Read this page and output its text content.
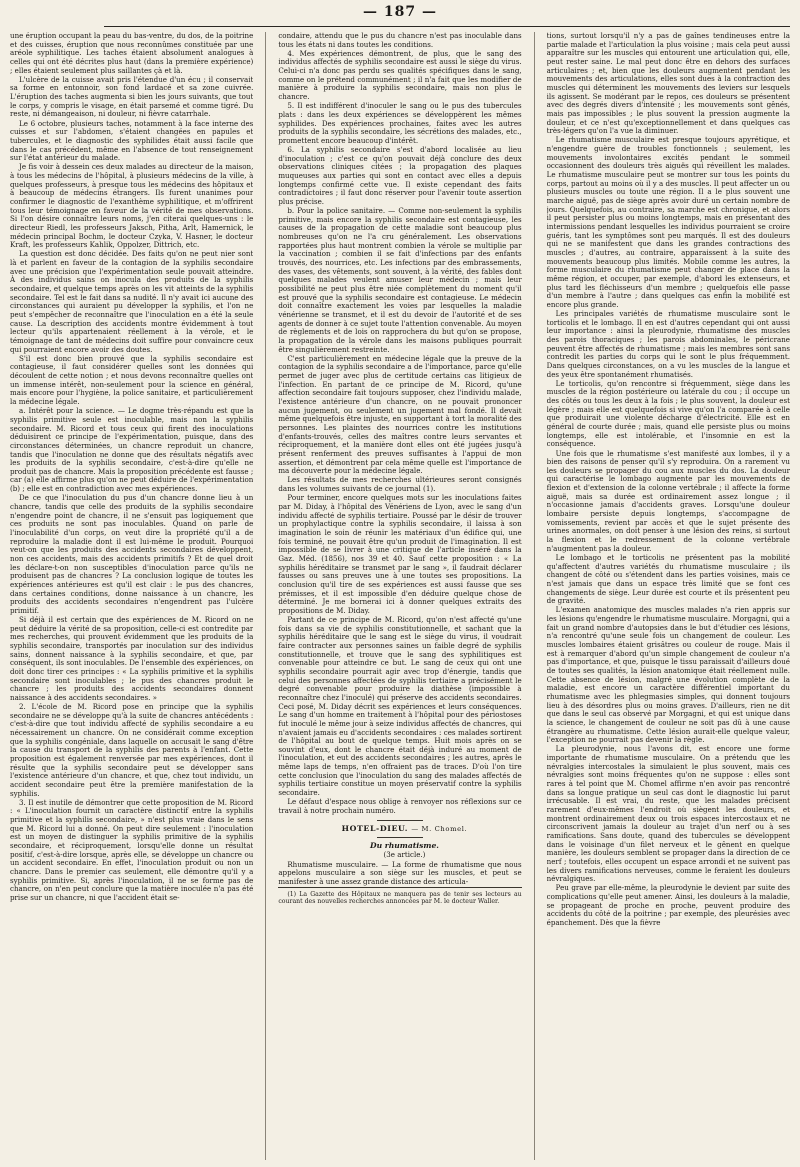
— 187 —

une éruption occupant la peau du bas-ventre, du dos, de la poitrine et des cuisses, éruption que nous reconnûmes constituée par une aréole syphilitique. Les taches étaient absolument analogues à celles qui ont été décrites plus haut (dans la première expérience) ; elles étaient seulement plus saillantes çà et là.

L'ulcère de la cuisse avait pris l'étendue d'un écu ; il conservait sa forme en entonnoir, son fond lardacé et sa zone cuivrée. L'éruption des taches augmenta si bien les jours suivants, que tout le corps, y compris le visage, en était parsemé et comme tigré. Du reste, ni démangeaison, ni douleur, ni fièvre catarrhale.

Le 6 octobre, plusieurs taches, notamment à la face interne des cuisses et sur l'abdomen, s'étaient changées en papules et tubercules, et le diagnostic des syphilides était aussi facile que dans le cas précédent, même en l'absence de tout renseignement sur l'état antérieur du malade.

Je fis voir à dessein ces deux malades au directeur de la maison, à tous les médecins de l'hôpital, à plusieurs médecins de la ville, à quelques professeurs, à presque tous les médecins des hôpitaux et à beaucoup de médecins étrangers. Ils furent unanimes pour confirmer le diagnostic de l'exanthème syphilitique, et m'offrirent tous leur témoignage en faveur de la vérité de mes observations. Si l'on désire connaître leurs noms, j'en citerai quelques-uns : le directeur Riedl, les professeurs Jaksch, Pitha, Arlt, Hamernick, le médecin principal Bochm, le docteur Czyka, V. Hasner, le docteur Kraft, les professeurs Kahlik, Oppolzer, Dittrich, etc.

La question est donc décidée. Des faits qu'on ne peut nier sont là et parlent en faveur de la contagion de la syphilis secondaire avec une précision que l'expérimentation seule pouvait atteindre. À des individus sains on inocula des produits de la syphilis secondaire, et quelque temps après on les vit atteints de la syphilis secondaire. Tel est le fait dans sa nudité. Il n'y avait ici aucune des circonstances qui auraient pu développer la syphilis, et l'on ne peut s'empêcher de reconnaître que l'inoculation en a été la seule cause. La description des accidents montre évidemment à tout lecteur qu'ils appartenaient réellement à la vérole, et le témoignage de tant de médecins doit suffire pour convaincre ceux qui pourraient encore avoir des doutes.

S'il est donc bien prouvé que la syphilis secondaire est contagieuse, il faut considérer quelles sont les données qui découlent de cette notion ; et nous devons reconnaître quelles ont un immense intérêt, non-seulement pour la science en général, mais encore pour l'hygiène, la police sanitaire, et particulièrement la médecine légale.

a. Intérêt pour la science. — Le dogme très-répandu est que la syphilis primitive seule est inoculable, mais non la syphilis secondaire. M. Ricord et tous ceux qui firent des inoculations déduisirent ce principe de l'expérimentation, puisque, dans des circonstances déterminées, un chancre reproduit un chancre, tandis que l'inoculation ne donne que des résultats négatifs avec les produits de la syphilis secondaire, c'est-à-dire qu'elle ne produit pas de chancre. Mais la proposition précédente est fausse ; car (a) elle affirme plus qu'on ne peut déduire de l'expérimentation (b) ; elle est en contradiction avec mes expériences.

De ce que l'inoculation du pus d'un chancre donne lieu à un chancre, tandis que celle des produits de la syphilis secondaire n'engendre point de chancre, il ne s'ensuit pas logiquement que ces produits ne sont pas inoculables. Quand on parle de l'inoculabilité d'un corps, on veut dire la propriété qu'il a de reproduire la maladie dont il est lui-même le produit. Pourquoi veut-on que les produits des accidents secondaires développent, non ces accidents, mais des accidents primitifs ? Et de quel droit les déclare-t-on non susceptibles d'inoculation parce qu'ils ne produisent pas de chancres ? La conclusion logique de toutes les expériences antérieures est qu'il est clair : le pus des chancres, dans certaines conditions, donne naissance à un chancre, les produits des accidents secondaires n'engendrent pas l'ulcère primitif.

Si déjà il est certain que des expériences de M. Ricord on ne peut déduire la vérité de sa proposition, celle-ci est contredite par mes recherches, qui prouvent évidemment que les produits de la syphilis secondaire, transportés par inoculation sur des individus sains, donnent naissance à la syphilis secondaire, et que, par conséquent, ils sont inoculables. De l'ensemble des expériences, on doit donc tirer ces principes : « La syphilis primitive et la syphilis secondaire sont inoculables ; le pus des chancres produit le chancre ; les produits des accidents secondaires donnent naissance à des accidents secondaires. »

2. L'école de M. Ricord pose en principe que la syphilis secondaire ne se développe qu'à la suite de chancres antécédents : c'est-à-dire que tout individu affecté de syphilis secondaire a eu nécessairement un chancre. On ne considérait comme exception que la syphilis congéniale, dans laquelle on accusait le sang d'être la cause du transport de la syphilis des parents à l'enfant. Cette proposition est également renversée par mes expériences, dont il résulte que la syphilis secondaire peut se développer sans l'existence antérieure d'un chancre, et que, chez tout individu, un accident secondaire peut être la première manifestation de la syphilis.

3. Il est inutile de démontrer que cette proposition de M. Ricord : « L'inoculation fournit un caractère distinctif entre la syphilis primitive et la syphilis secondaire, » n'est plus vraie dans le sens que M. Ricord lui a donné. On peut dire seulement : l'inoculation est un moyen de distinguer la syphilis primitive de la syphilis secondaire, et réciproquement, lorsqu'elle donne un résultat positif, c'est-à-dire lorsque, après elle, se développe un chancre ou un accident secondaire. En effet, l'inoculation produit ou non un chancre. Dans le premier cas seulement, elle démontre qu'il y a syphilis primitive. Si, après l'inoculation, il ne se forme pas de chancre, on n'en peut conclure que la matière inoculée n'a pas été prise sur un chancre, ni que l'accident était se-

condaire, attendu que le pus du chancre n'est pas inoculable dans tous les états ni dans toutes les conditions.

4. Mes expériences démontrent, de plus, que le sang des individus affectés de syphilis secondaire est aussi le siège du virus. Celui-ci n'a donc pas perdu ses qualités spécifiques dans le sang, comme on le prétend communément ; il n'a fait que les modifier de manière à produire la syphilis secondaire, mais non plus le chancre.

5. Il est indifférent d'inoculer le sang ou le pus des tubercules plats : dans les deux expériences se développèrent les mêmes syphilides. Des expériences prochaines, faites avec les autres produits de la syphilis secondaire, les sécrétions des malades, etc., promettent encore beaucoup d'intérêt.

6. La syphilis secondaire s'est d'abord localisée au lieu d'inoculation ; c'est ce qu'on pouvait déjà conclure des deux observations cliniques citées ; la propagation des plaques muqueuses aux parties qui sont en contact avec elles a depuis longtemps confirmé cette vue. Il existe cependant des faits contradictoires ; il faut donc réserver pour l'avenir toute assertion plus précise.

b. Pour la police sanitaire. — Comme non-seulement la syphilis primitive, mais encore la syphilis secondaire est contagieuse, les causes de la propagation de cette maladie sont beaucoup plus nombreuses qu'on ne l'a cru généralement. Les observations rapportées plus haut montrent combien la vérole se multiplie par la vaccination ; combien il se fait d'infections par des enfants trouvés, des nourrices, etc. Les infections par des embrassements, des vases, des vêtements, sont souvent, à la vérité, des fables dont quelques malades veulent amuser leur médecin ; mais leur possibilité ne peut plus être niée complètement du moment qu'il est prouvé que la syphilis secondaire est contagieuse. Le médecin doit connaître exactement les voies par lesquelles la maladie vénérienne se transmet, et il est du devoir de l'autorité et de ses agents de donner à ce sujet toute l'attention convenable. Au moyen de règlements et de lois on rapprochera du but qu'on se propose, la propagation de la vérole dans les maisons publiques pourrait être singulièrement restreinte.

C'est particulièrement en médecine légale que la preuve de la contagion de la syphilis secondaire a de l'importance, parce qu'elle permet de juger avec plus de certitude certains cas litigieux de l'infection. En partant de ce principe de M. Ricord, qu'une affection secondaire fait toujours supposer, chez l'individu malade, l'existence antérieure d'un chancre, on ne pouvait prononcer aucun jugement, ou seulement un jugement mal fondé. Il devait même quelquefois être injuste, en supportant à tort la moralité des personnes. Les plaintes des nourrices contre les institutions d'enfants-trouvés, celles des maîtres contre leurs servantes et réciproquement, et la manière dont elles ont été jugées jusqu'à présent renferment des preuves suffisantes à l'appui de mon assertion, et démontrent par cela même quelle est l'importance de ma découverte pour la médecine légale.

Les résultats de mes recherches ultérieures seront consignés dans les volumes suivants de ce journal (1).

Pour terminer, encore quelques mots sur les inoculations faites par M. Diday, à l'hôpital des Vénériens de Lyon, avec le sang d'un individu affecté de syphilis tertiaire. Poussé par le désir de trouver un prophylactique contre la syphilis secondaire, il laissa à son imagination le soin de réunir les matériaux d'un édifice qui, une fois terminé, ne pouvait être qu'un produit de l'imagination. Il est impossible de se livrer à une critique de l'article inséré dans la Gaz. Méd. (1856), nos 39 et 40. Sauf cette proposition : « La syphilis héréditaire se transmet par le sang », il faudrait déclarer fausses ou sans preuves une à une toutes ses propositions. La conclusion qu'il tire de ses expériences est aussi fausse que ses prémisses, et il est impossible d'en déduire quelque chose de déterminé. Je me bornerai ici à donner quelques extraits des propositions de M. Diday.

Partant de ce principe de M. Ricord, qu'on n'est affecté qu'une fois dans sa vie de syphilis constitutionnelle, et sachant que la syphilis héréditaire que le sang est le siège du virus, il voudrait faire contracter aux personnes saines un faible degré de syphilis constitutionnelle, et trouve que le sang des syphilitiques est convenable pour atteindre ce but. Le sang de ceux qui ont une syphilis secondaire pourrait agir avec trop d'énergie, tandis que celui des personnes affectées de syphilis tertiaire a précisément le degré convenable pour produire la diathèse (impossible à reconnaître chez l'inoculé) qui préserve des accidents secondaires. Ceci posé, M. Diday décrit ses expériences et leurs conséquences. Le sang d'un homme en traitement à l'hôpital pour des périostoses fut inoculé le même jour à seize individus affectés de chancres, qui n'avaient jamais eu d'accidents secondaires : ces malades sortirent de l'hôpital au bout de quelque temps. Huit mois après on se souvint d'eux, dont le chancre était déjà induré au moment de l'inoculation, et eut des accidents secondaires ; les autres, après le même laps de temps, n'en offraient pas de traces. D'où l'on tire cette conclusion que l'inoculation du sang des malades affectés de syphilis tertiaire constitue un moyen préservatif contre la syphilis secondaire.

Le défaut d'espace nous oblige à renvoyer nos réflexions sur ce travail à notre prochain numéro.

HOTEL-DIEU. — M. Chomel.

Du rhumatisme.

(3e article.)

Rhumatisme musculaire. — La forme de rhumatisme que nous appelons musculaire a son siège sur les muscles, et peut se manifester à une assez grande distance des articula-

(1) La Gazette des Hôpitaux ne manquera pas de tenir ses lecteurs au courant des nouvelles recherches annoncées par M. le docteur Waller.

tions, surtout lorsqu'il n'y a pas de gaînes tendineuses entre la partie malade et l'articulation la plus voisine ; mais cela peut aussi apparaître sur les muscles qui entourent une articulation qui, elle, peut rester saine. Le mal peut donc être en dehors des surfaces articulaires ; et, bien que les douleurs augmentent pendant les mouvements des articulations, elles sont dues à la contraction des muscles qui déterminent les mouvements des leviers sur lesquels ils agissent. Se modérant par le repos, ces douleurs se présentent avec des degrés divers d'intensité ; les mouvements sont gênés, mais pas impossibles ; le plus souvent la pression augmente la douleur, et ce n'est qu'exceptionnellement et dans quelques cas très-légers qu'on l'a vue la diminuer.

Le rhumatisme musculaire est presque toujours apyrétique, et n'engendre guère de troubles fonctionnels ; seulement, les mouvements involontaires excités pendant le sommeil occasionnent des douleurs très aiguës qui réveillent les malades. Le rhumatisme musculaire peut se montrer sur tous les points du corps, partout au moins où il y a des muscles. Il peut affecter un ou plusieurs muscles ou toute une région. Il a le plus souvent une marche aiguë, pas de siège après avoir duré un certain nombre de jours. Quelquefois, au contraire, sa marche est chronique, et alors il peut persister plus ou moins longtemps, mais en présentant des intermissions pendant lesquelles les individus pourraient se croire guéris, tant les symptômes sont peu marqués. Il est des douleurs qui ne se manifestent que dans les grandes contractions des muscles ; d'autres, au contraire, apparaissent à la suite des mouvements beaucoup plus limités. Mobile comme les autres, la forme musculaire du rhumatisme peut changer de place dans la même région, et occuper, par exemple, d'abord les extenseurs, et plus tard les fléchisseurs d'un membre ; quelquefois elle passe d'un membre à l'autre ; dans quelques cas enfin la mobilité est encore plus grande.

Les principales variétés de rhumatisme musculaire sont le torticolis et le lombago. Il en est d'autres cependant qui ont aussi leur importance : ainsi la pleurodynie, rhumatisme des muscles des parois thoraciques ; les parois abdominales, le péricrane peuvent être affectés de rhumatisme ; mais les membres sont sans contredit les parties du corps qui le sont le plus fréquemment. Dans quelques circonstances, on a vu les muscles de la langue et des yeux être spontanément rhumatisés.

Le torticolis, qu'on rencontre si fréquemment, siège dans les muscles de la région postérieure ou latérale du cou ; il occupe un des côtés ou tous les deux à la fois ; le plus souvent, la douleur est légère ; mais elle est quelquefois si vive qu'on l'a comparée à celle que produirait une violente décharge d'électricité. Elle est en général de courte durée ; mais, quand elle persiste plus ou moins longtemps, elle est intolérable, et l'insomnie en est la conséquence.

Une fois que le rhumatisme s'est manifesté aux lombes, il y a bien des raisons de penser qu'il s'y reproduira. On a rarement vu les douleurs se propager du cou aux muscles du dos. La douleur qui caractérise le lombago augmente par les mouvements de flexion et d'extension de la colonne vertébrale ; il affecte la forme aiguë, mais sa durée est ordinairement assez longue ; il n'occasionne jamais d'accidents graves. Lorsqu'une douleur lombaire persiste depuis longtemps, s'accompagne de vomissements, revient par accès et que le sujet présente des urines anormales, on doit penser à une lésion des reins, si surtout la flexion et le redressement de la colonne vertébrale n'augmentent pas la douleur.

Le lombago et le torticolis ne présentent pas la mobilité qu'affectent d'autres variétés du rhumatisme musculaire ; ils changent de côté ou s'étendent dans les parties voisines, mais ce n'est jamais que dans un espace très limité que se font ces changements de siège. Leur durée est courte et ils présentent peu de gravité.

L'examen anatomique des muscles malades n'a rien appris sur les lésions qu'engendre le rhumatisme musculaire. Morgagni, qui a fait un grand nombre d'autopsies dans le but d'étudier ces lésions, n'a rencontré qu'une seule fois un changement de couleur. Les muscles lombaires étaient grisâtres ou couleur de rouge. Mais il est à remarquer d'abord qu'un simple changement de couleur n'a pas d'importance, et que, puisque le tissu paraissait d'ailleurs doué de toutes ses qualités, la lésion anatomique était réellement nulle. Cette absence de lésion, malgré une évolution complète de la maladie, est encore un caractère différentiel important du rhumatisme avec les phlegmasies simples, qui donnent toujours lieu à des désordres plus ou moins graves. D'ailleurs, rien ne dit que dans le seul cas observé par Morgagni, et qui est unique dans la science, le changement de couleur ne soit pas dû à une cause étrangère au rhumatisme. Cette lésion aurait-elle quelque valeur, l'exception ne pourrait pas devenir la règle.

La pleurodynie, nous l'avons dit, est encore une forme importante de rhumatisme musculaire. On a prétendu que les névralgies intercostales la simulaient le plus souvent, mais ces névralgies sont moins fréquentes qu'on ne suppose : elles sont rares à tel point que M. Chomel affirme n'en avoir pas rencontré dans sa longue pratique un seul cas dont le diagnostic lui parut irrécusable. Il est vrai, du reste, que les malades précisent rarement d'eux-mêmes l'endroit où siègent les douleurs, et montrent ordinairement deux ou trois espaces intercostaux et ne circonscrivent jamais la douleur au trajet d'un nerf ou à ses ramifications. Sans doute, quand des tubercules se développent dans le voisinage d'un filet nerveux et le gênent en quelque manière, les douleurs semblent se propager dans la direction de ce nerf ; toutefois, elles occupent un espace arrondi et ne suivent pas les divers ramifications nerveuses, comme le feraient les douleurs névralgiques.

Peu grave par elle-même, la pleurodynie le devient par suite des complications qu'elle peut amener. Ainsi, les douleurs à la maladie, se propageant de proche en proche, peuvent produire des accidents du côté de la poitrine ; par exemple, des pleurésies avec épanchement. Dès que la fièvre
